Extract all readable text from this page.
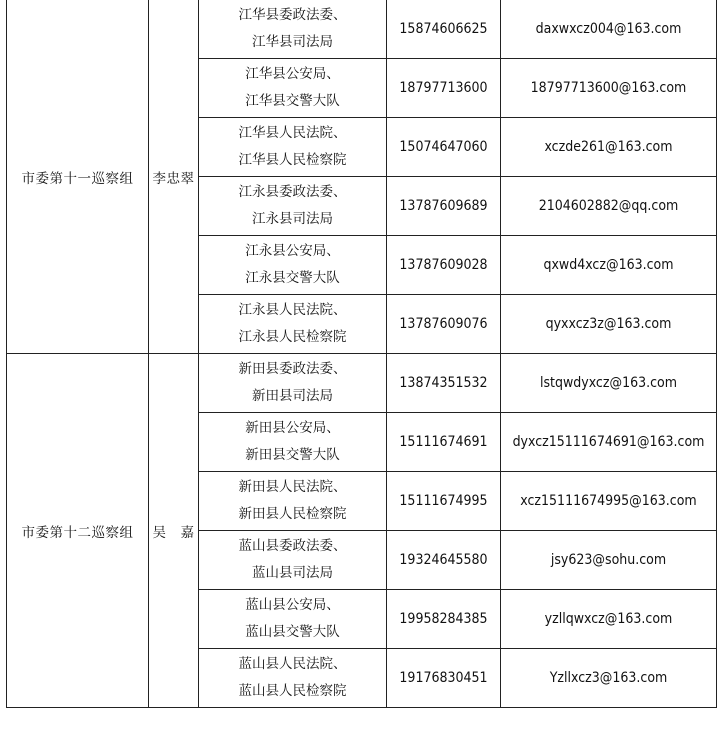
市委第十一巡察组	李忠翠	江华县委政法委、
江华县司法局	15874606625	daxwxcz004@163.com

		江华县公安局、
江华县交警大队	18797713600	18797713600@163.com

		江华县人民法院、
江华县人民检察院	15074647060	xczde261@163.com

		江永县委政法委、
江永县司法局	13787609689	2104602882@qq.com

		江永县公安局、
江永县交警大队	13787609028	qxwd4xcz@163.com

		江永县人民法院、
江永县人民检察院	13787609076	qyxxcz3z@163.com
市委第十二巡察组	吴　嘉	新田县委政法委、
新田县司法局	13874351532	lstqwdyxcz@163.com

		新田县公安局、
新田县交警大队	15111674691	dyxcz15111674691@163.com

		新田县人民法院、
新田县人民检察院	15111674995	xcz15111674995@163.com

		蓝山县委政法委、
蓝山县司法局	19324645580	jsy623@sohu.com

		蓝山县公安局、
蓝山县交警大队	19958284385	yzllqwxcz@163.com

		蓝山县人民法院、
蓝山县人民检察院	19176830451	Yzllxcz3@163.com
